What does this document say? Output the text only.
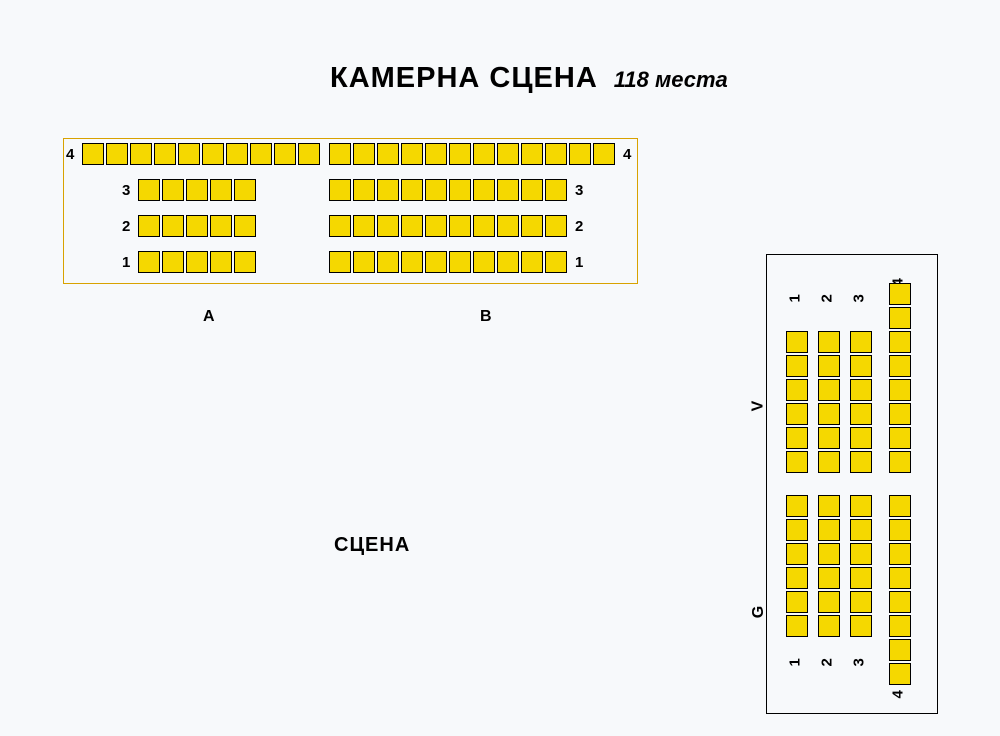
КАМЕРНА СЦЕНА 118 места
4
3
2
1
4
3
2
1
A	B
СЦЕНА
1 2 3
V
G
1 2 3
4
